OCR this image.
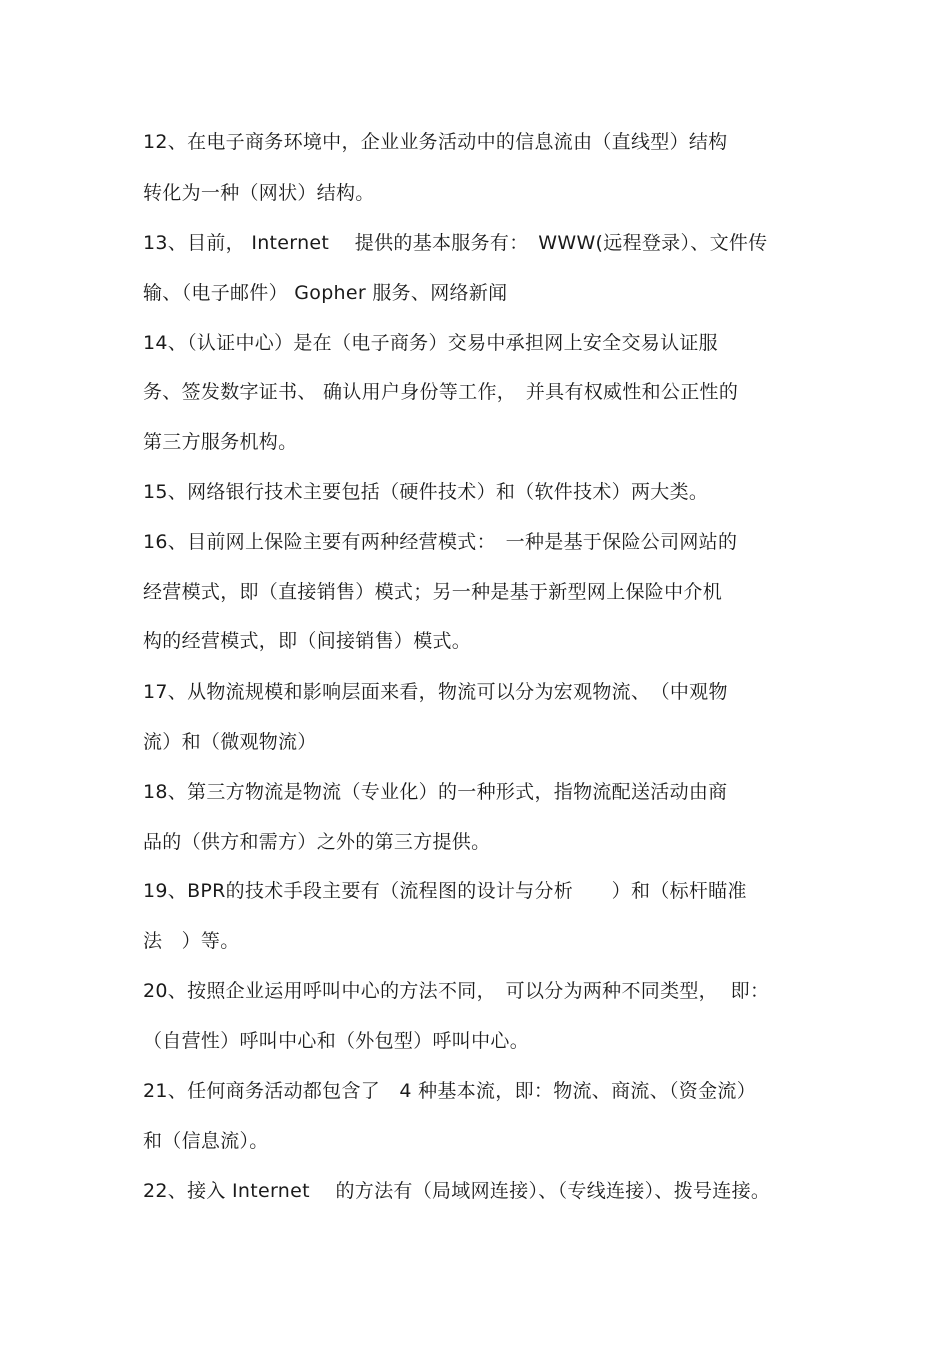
12、在电子商务环境中，企业业务活动中的信息流由（直线型）结构
转化为一种（网状）结构。
13、目前， Internet 　提供的基本服务有：　WWW(远程登录）、文件传
输、（电子邮件） Gopher 服务、网络新闻
14、（认证中心）是在（电子商务）交易中承担网上安全交易认证服
务、签发数字证书、 确认用户身份等工作，　并具有权威性和公正性的
第三方服务机构。
15、网络银行技术主要包括（硬件技术）和（软件技术）两大类。
16、目前网上保险主要有两种经营模式：　一种是基于保险公司网站的
经营模式，即（直接销售）模式；另一种是基于新型网上保险中介机
构的经营模式，即（间接销售）模式。
17、从物流规模和影响层面来看，物流可以分为宏观物流、　（中观物
流）和（微观物流）
18、第三方物流是物流（专业化）的一种形式，指物流配送活动由商
品的（供方和需方）之外的第三方提供。
19、BPR的技术手段主要有（流程图的设计与分析　　）和（标杆瞄准
法　）等。
20、按照企业运用呼叫中心的方法不同，　可以分为两种不同类型，  即：
（自营性）呼叫中心和（外包型）呼叫中心。
21、任何商务活动都包含了　4 种基本流，即：物流、商流、（资金流）
和（信息流）。
22、接入 Internet 　的方法有（局域网连接）、（专线连接）、拨号连接。
